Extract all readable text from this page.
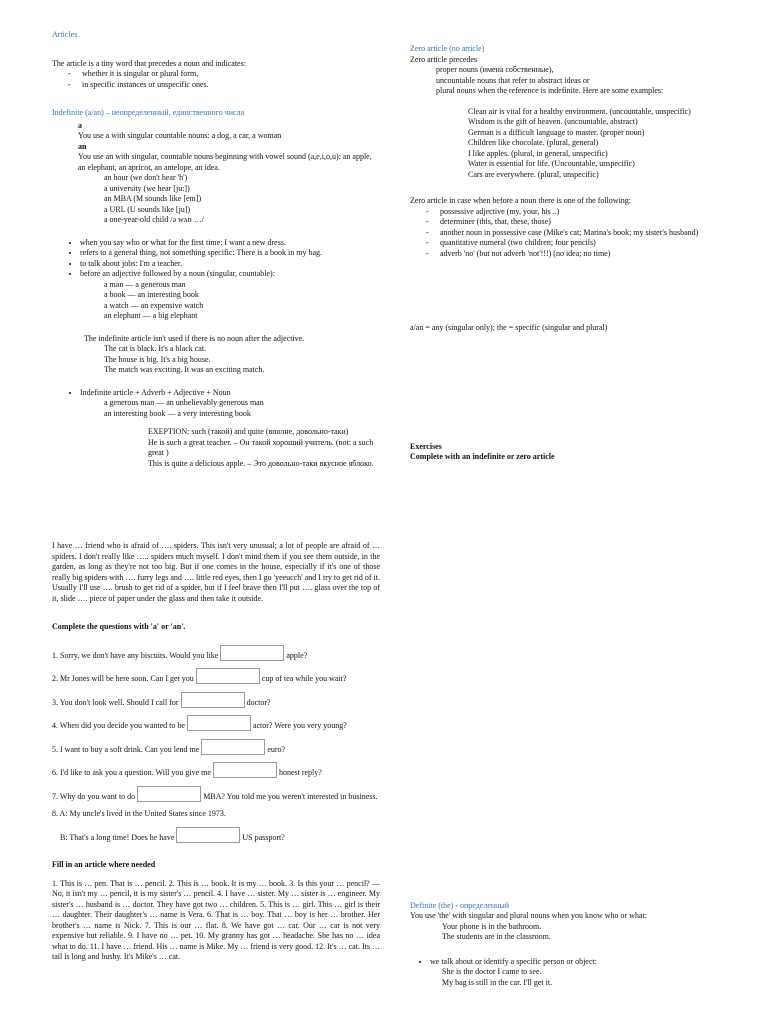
Articles

The article is a tiny word that precedes a noun and indicates:

- whether it is singular or plural form,
- in specific instances or unspecific ones.

Indefinite (a/an) – неопределенный, единственного числа

a

You use a with singular countable nouns: a dog, a car, a woman

an

You use an with singular, countable nouns beginning with vowel sound (a,e,i,o,u): an apple, an elephant, an apricot, an antelope, an idea.

an hour (we don't hear 'h')

a university (we hear [ju:])

an MBA (M sounds like [em])

a URL (U sounds like [ju])

a one-year-old child /ə wʌn …/

• when you say who or what for the first time: I want a new dress.
• refers to a general thing, not something specific: There is a book in my bag.
• to talk about jobs: I'm a teacher.
• before an adjective followed by a noun (singular, countable):

a man — a generous man

a book — an interesting book

a watch — an expensive watch

an elephant — a big elephant

The indefinite article isn't used if there is no noun after the adjective.

The cat is black. It's a black cat.

The house is big. It's a big house.

The match was exciting. It was an exciting match.

• Indefinite article + Adverb + Adjective + Noun

a generous man — an unbelievably generous man

an interesting book — a very interesting book

EXEPTION: such (такой) and quite (вполне, довольно-таки)

He is such a great teacher. – Он такой хороший учитель. (not: a such great )

This is quite a delicious apple. – Это довольно-таки вкусное яблоко.

I have … friend who is afraid of …. spiders. This isn't very unusual; a lot of people are afraid of … spiders. I don't really like ….. spiders much myself. I don't mind them if you see them outside, in the garden, as long as they're not too big. But if one comes in the house, especially if it's one of those really big spiders with …. furry legs and …. little red eyes, then I go 'yeeucch' and I try to get rid of it. Usually I'll use …. brush to get rid of a spider, but if I feel brave then I'll put …. glass over the top of it, slide …. piece of paper under the glass and then take it outside.

Complete the questions with 'a' or 'an'.

1. Sorry, we don't have any biscuits. Would you like	apple?

2. Mr Jones will be here soon. Can I get you	cup of tea while you wait?

3. You don't look well. Should I call for	doctor?

4. When did you decide you wanted to be	actor? Were you very young?

5. I want to buy a soft drink. Can you lend me	euro?

6. I'd like to ask you a question. Will you give me	honest reply?

7. Why do you want to do	MBA? You told me you weren't interested in business.

8. A: My uncle's lived in the United States since 1973.

B: That's a long time! Does he have	US passport?

Fill in an article where needed

1. This is … pen. That is … pencil. 2. This is … book. It is my … book. 3. Is this your … pencil? — No, it isn't my … pencil, it is my sister's … pencil. 4. I have … sister. My … sister is … engineer. My sister's … husband is … doctor. They have got two … children. 5. This is … girl. This … girl is their … daughter. Their daughter's … name is Vera. 6. That is … boy. That … boy is her … brother. Her brother's … name is Nick. 7. This is our … flat. 8. We have got … car. Our … car is not very expensive but reliable. 9. I have no … pet. 10. My granny has got … headache. She has no … idea what to do. 11. I have … friend. His … name is Mike. My … friend is very good. 12. It's … cat. Its … tail is long and bushy. It's Mike's … cat.

Zero article (no article)

Zero article precedes

proper nouns (имена собственные),

uncountable nouns that refer to abstract ideas or

plural nouns when the reference is indefinite. Here are some examples:

Clean air is vital for a healthy environment. (uncountable, unspecific)

Wisdom is the gift of heaven. (uncountable, abstract)

German is a difficult language to master. (proper noun)

Children like chocolate. (plural, general)

I like apples. (plural, in general, unspecific)

Water is essential for life. (Uncountable, unspecific)

Cars are everywhere. (plural, unspecific)

Zero article in case when before a noun there is one of the following:

- possessive adjective (my, your, his ..)
- determiner (this, that, these, those)
- another noun in possessive case (Mike's cat; Marina's book; my sister's husband)
- quantitative numeral (two children; four pencils)
- adverb 'no' (but not adverb 'not'!!!) (no idea; no time)

a/an = any (singular only); the = specific (singular and plural)

Exercises

Complete with an indefinite or zero article

Definite (the) - определенный

You use 'the' with singular and plural nouns when you know who or what:

Your phone is in the bathroom.

The students are in the classroom.

• we talk about or identify a specific person or object:

She is the doctor I came to see.

My bag is still in the car. I'll get it.
